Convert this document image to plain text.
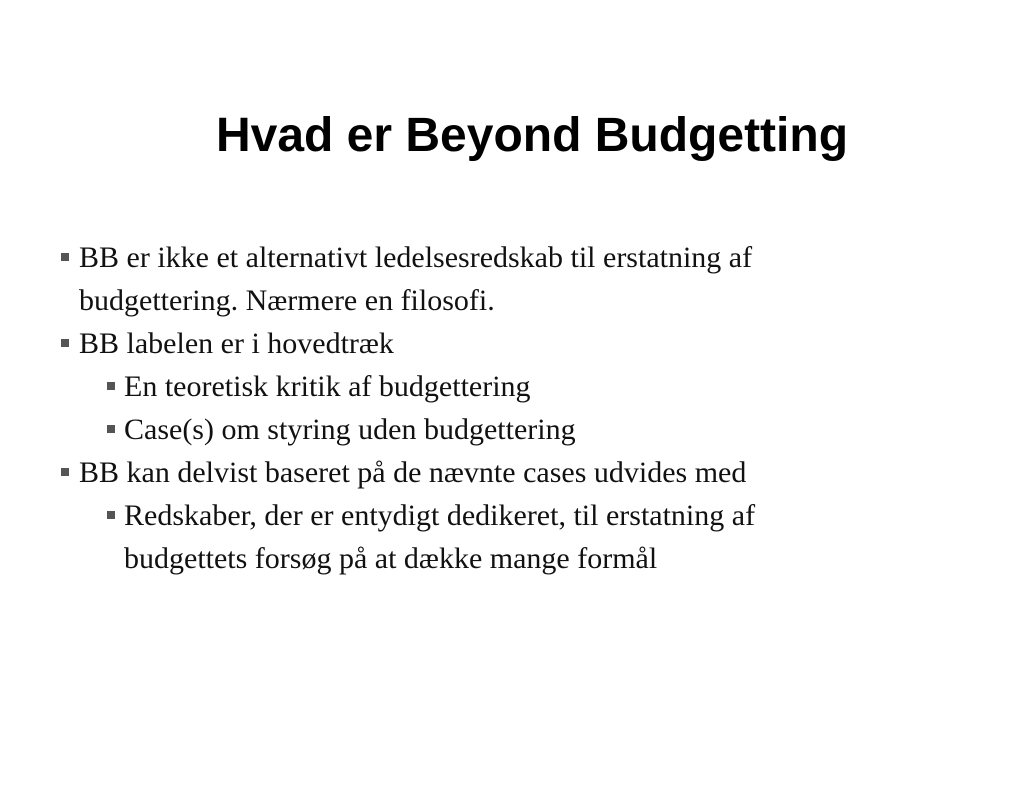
Hvad er Beyond Budgetting
BB er ikke et alternativt ledelsesredskab til erstatning af
budgettering. Nærmere en filosofi.
BB labelen er i hovedtræk
En teoretisk kritik af budgettering
Case(s) om styring uden budgettering
BB kan delvist baseret på de nævnte cases udvides med
Redskaber, der er entydigt dedikeret, til erstatning af
budgettets forsøg på at dække mange formål
